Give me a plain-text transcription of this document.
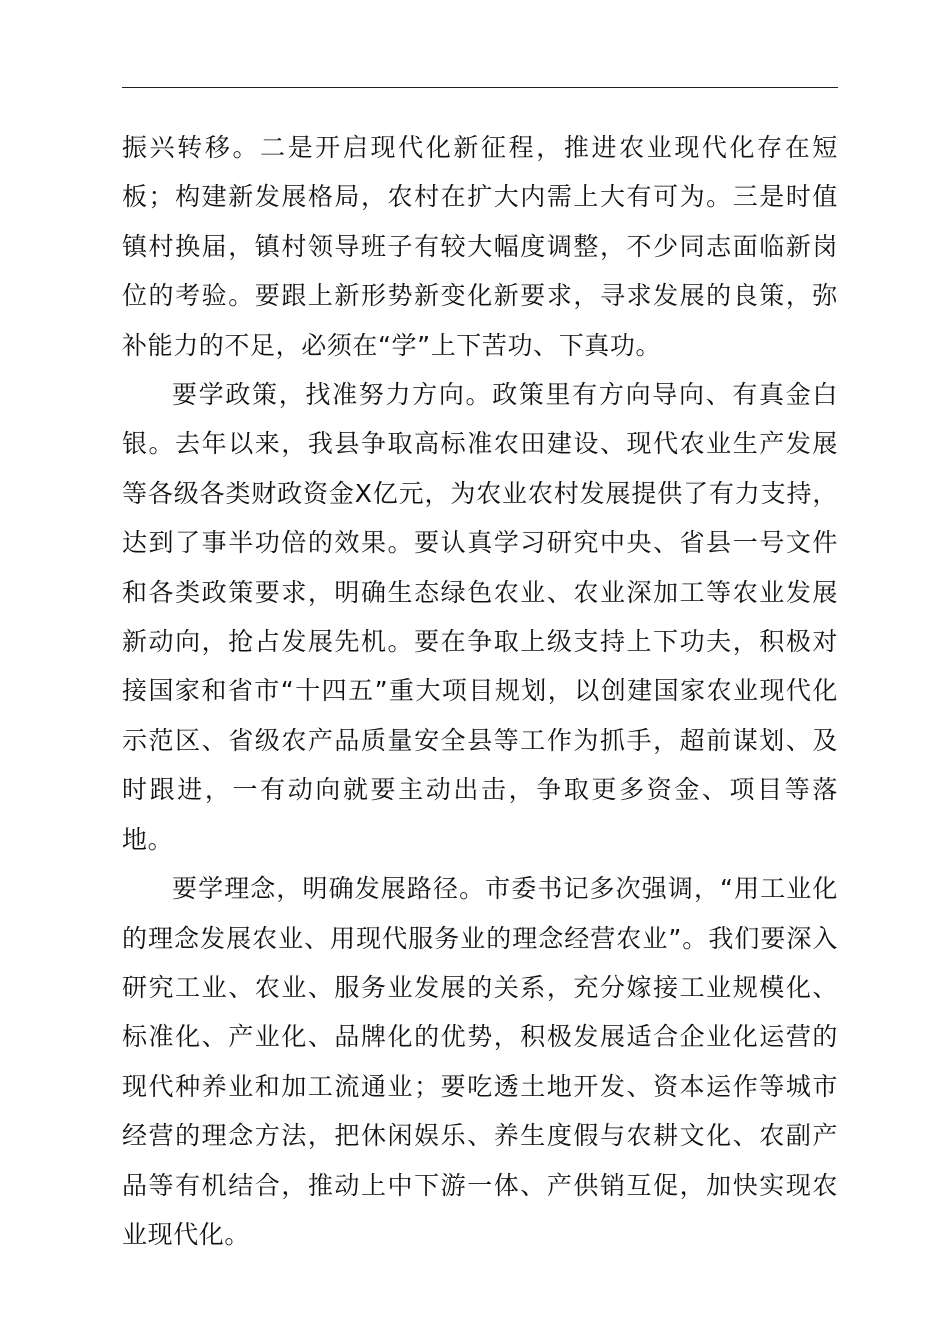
振兴转移。二是开启现代化新征程，推进农业现代化存在短板；构建新发展格局，农村在扩大内需上大有可为。三是时值镇村换届，镇村领导班子有较大幅度调整，不少同志面临新岗位的考验。要跟上新形势新变化新要求，寻求发展的良策，弥补能力的不足，必须在“学”上下苦功、下真功。

要学政策，找准努力方向。政策里有方向导向、有真金白银。去年以来，我县争取高标准农田建设、现代农业生产发展等各级各类财政资金X亿元，为农业农村发展提供了有力支持，达到了事半功倍的效果。要认真学习研究中央、省县一号文件和各类政策要求，明确生态绿色农业、农业深加工等农业发展新动向，抢占发展先机。要在争取上级支持上下功夫，积极对接国家和省市“十四五”重大项目规划，以创建国家农业现代化示范区、省级农产品质量安全县等工作为抓手，超前谋划、及时跟进，一有动向就要主动出击，争取更多资金、项目等落地。

要学理念，明确发展路径。市委书记多次强调，“用工业化的理念发展农业、用现代服务业的理念经营农业”。我们要深入研究工业、农业、服务业发展的关系，充分嫁接工业规模化、标准化、产业化、品牌化的优势，积极发展适合企业化运营的现代种养业和加工流通业；要吃透土地开发、资本运作等城市经营的理念方法，把休闲娱乐、养生度假与农耕文化、农副产品等有机结合，推动上中下游一体、产供销互促，加快实现农业现代化。
